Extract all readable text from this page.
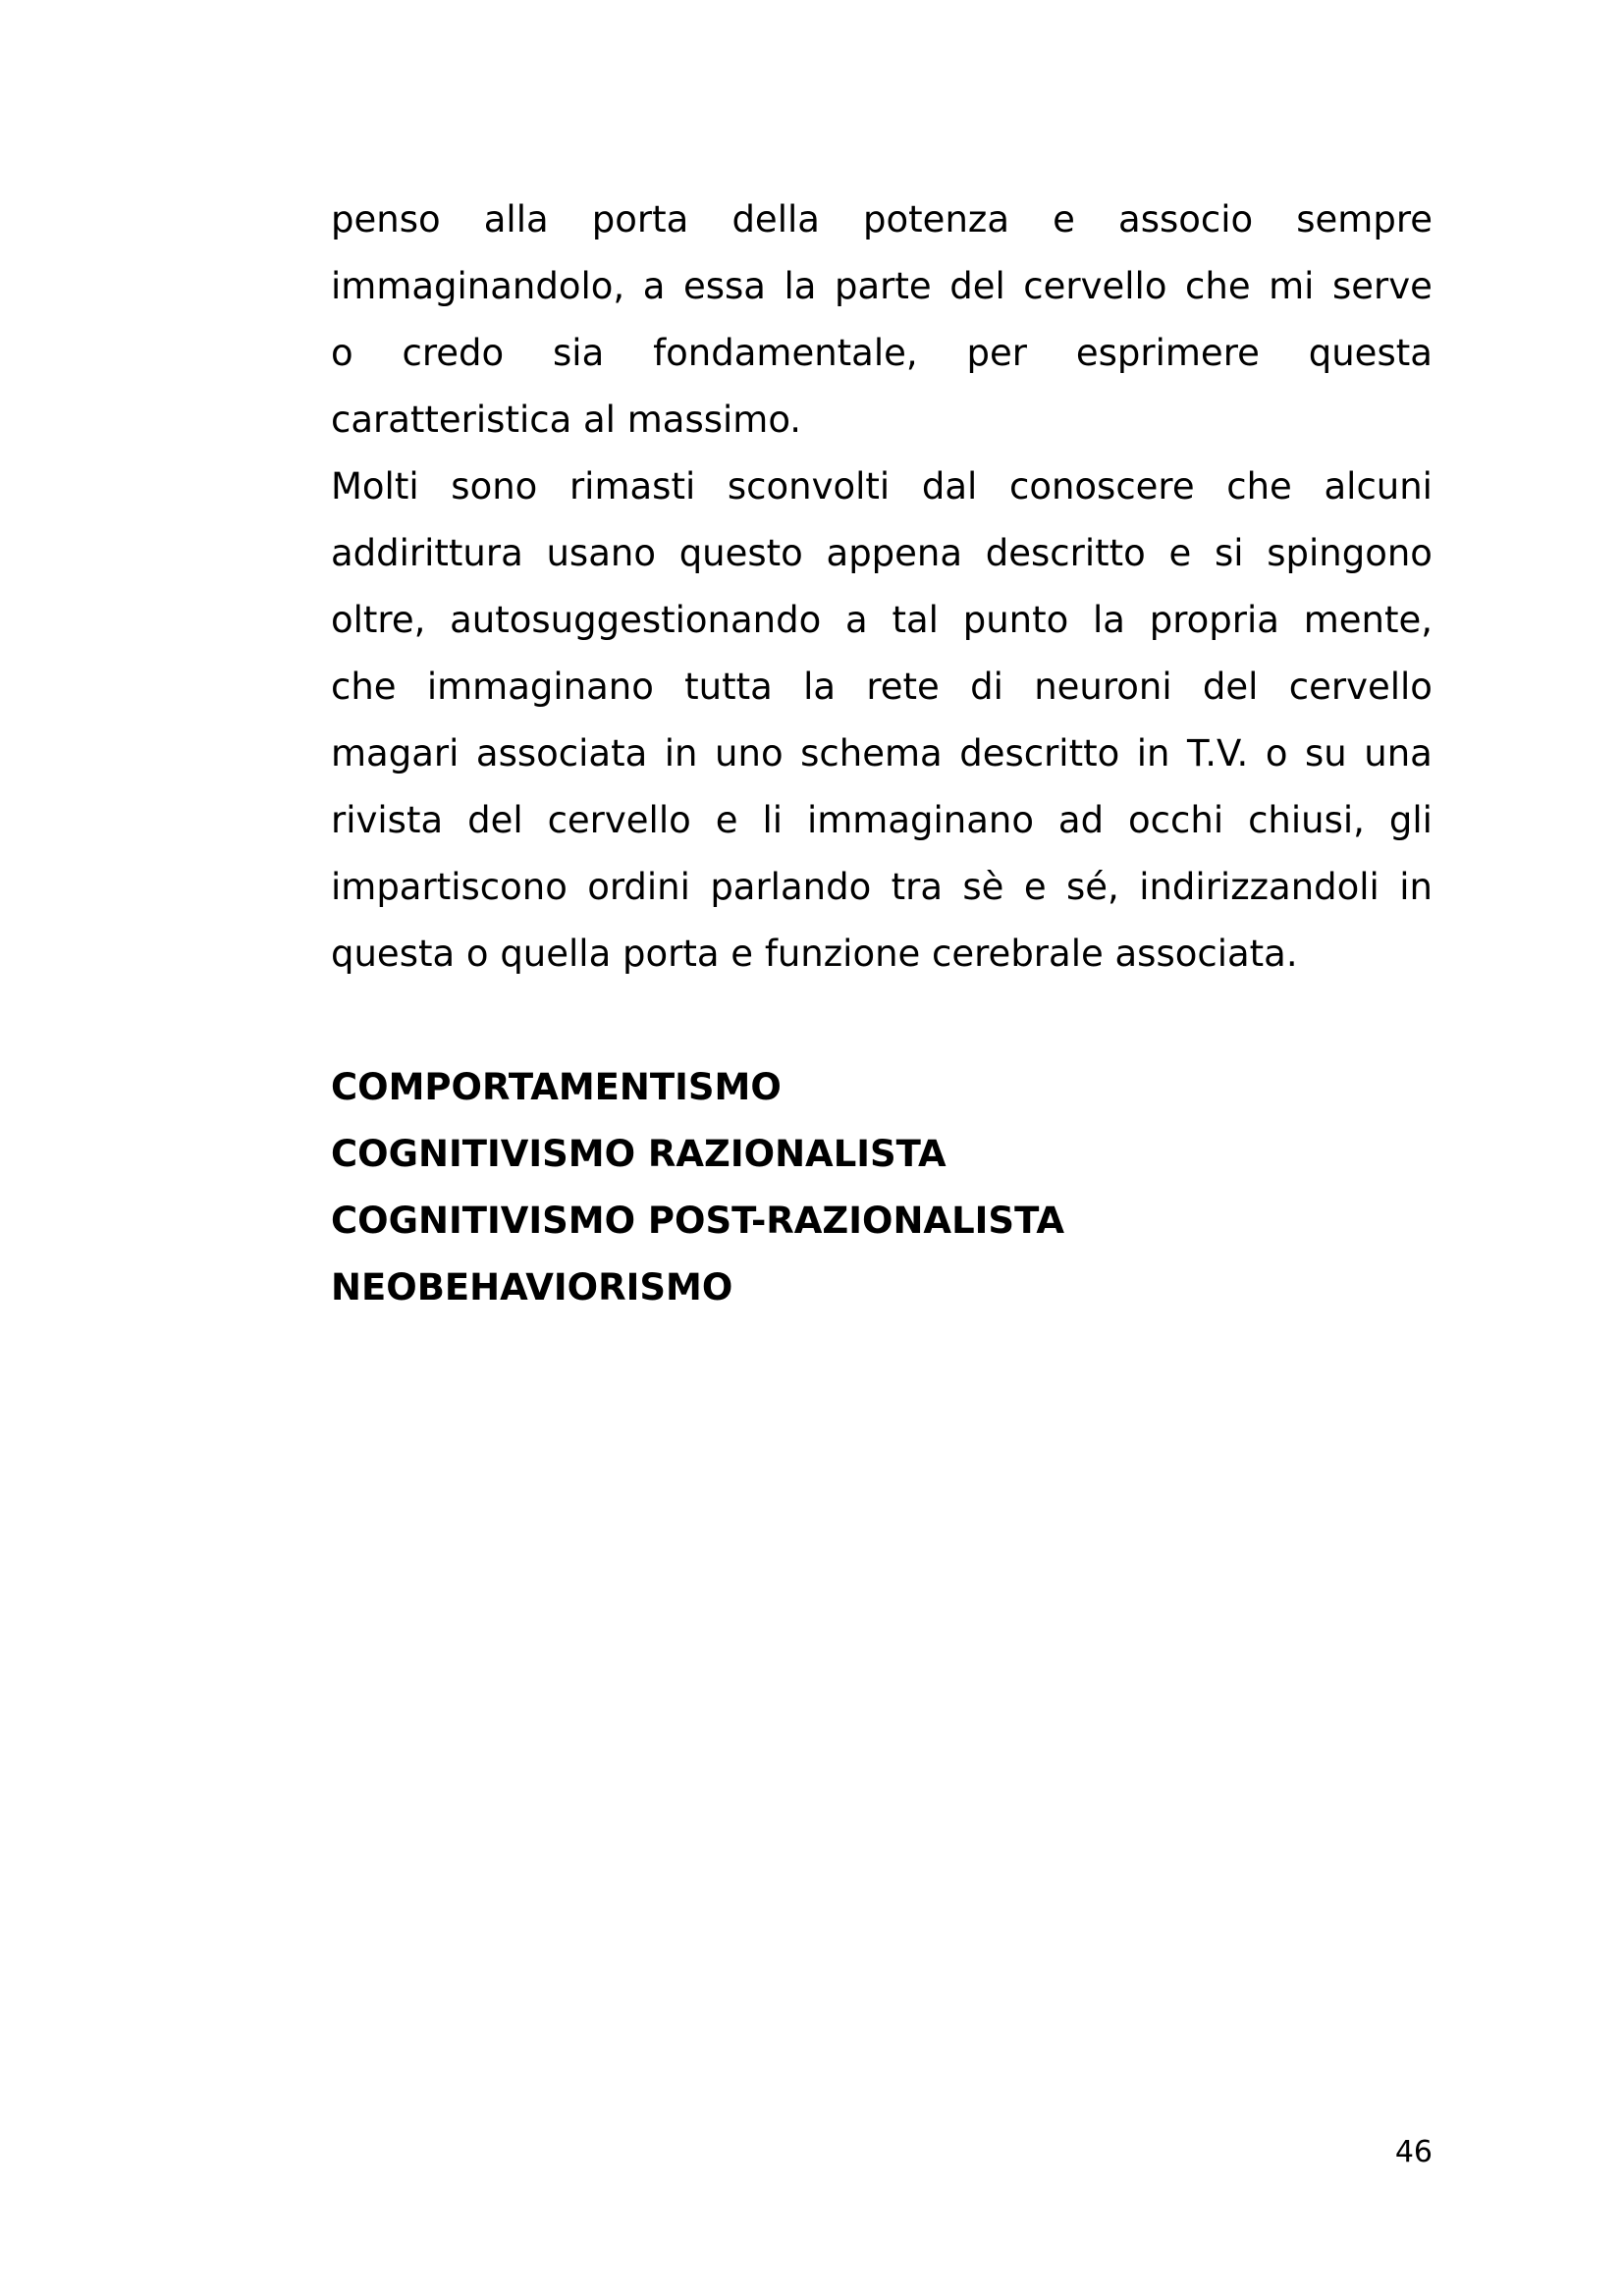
penso alla porta della potenza e associo sempre
immaginandolo, a essa la parte del cervello che mi serve
o credo sia fondamentale, per esprimere questa
caratteristica al massimo.
Molti sono rimasti sconvolti dal conoscere che alcuni
addirittura usano questo appena descritto e si spingono
oltre, autosuggestionando a tal punto la propria mente,
che immaginano tutta la rete di neuroni del cervello
magari associata in uno schema descritto in T.V. o su una
rivista del cervello e li immaginano ad occhi chiusi, gli
impartiscono ordini parlando tra sè e sé, indirizzandoli in
questa o quella porta e funzione cerebrale associata.
COMPORTAMENTISMO
COGNITIVISMO RAZIONALISTA
COGNITIVISMO POST-RAZIONALISTA
NEOBEHAVIORISMO
46
